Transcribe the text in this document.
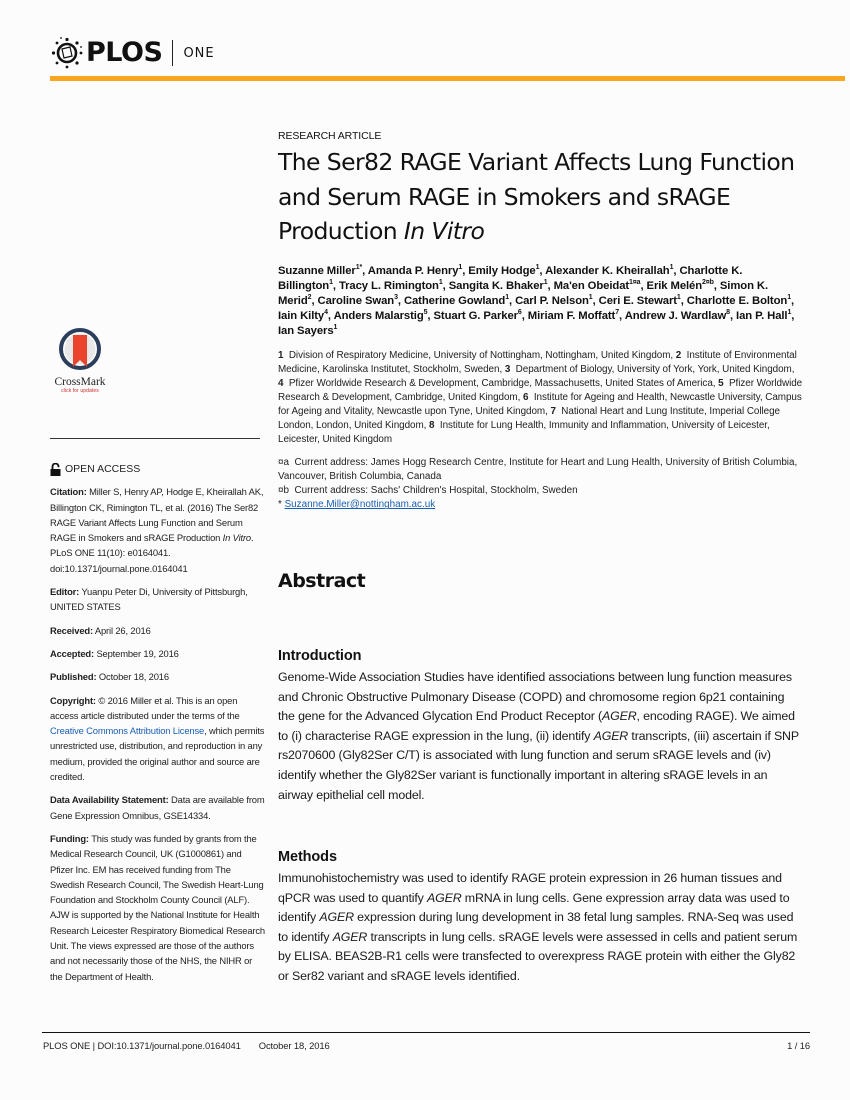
PLOS ONE
CrossMark
click for updates
OPEN ACCESS

Citation: Miller S, Henry AP, Hodge E, Kheirallah AK, Billington CK, Rimington TL, et al. (2016) The Ser82 RAGE Variant Affects Lung Function and Serum RAGE in Smokers and sRAGE Production In Vitro. PLoS ONE 11(10): e0164041. doi:10.1371/journal.pone.0164041

Editor: Yuanpu Peter Di, University of Pittsburgh, UNITED STATES

Received: April 26, 2016

Accepted: September 19, 2016

Published: October 18, 2016

Copyright: © 2016 Miller et al. This is an open access article distributed under the terms of the Creative Commons Attribution License, which permits unrestricted use, distribution, and reproduction in any medium, provided the original author and source are credited.

Data Availability Statement: Data are available from Gene Expression Omnibus, GSE14334.

Funding: This study was funded by grants from the Medical Research Council, UK (G1000861) and Pfizer Inc. EM has received funding from The Swedish Research Council, The Swedish Heart-Lung Foundation and Stockholm County Council (ALF). AJW is supported by the National Institute for Health Research Leicester Respiratory Biomedical Research Unit. The views expressed are those of the authors and not necessarily those of the NHS, the NIHR or the Department of Health.

RESEARCH ARTICLE
The Ser82 RAGE Variant Affects Lung Function and Serum RAGE in Smokers and sRAGE Production In Vitro
Suzanne Miller$^{1*}$, Amanda P. Henry$^1$, Emily Hodge$^1$, Alexander K. Kheirallah$^1$, Charlotte K. Billington$^1$, Tracy L. Rimington$^1$, Sangita K. Bhaker$^1$, Ma'en Obeidat$^{1¤a}$, Erik Melén$^{2¤b}$, Simon K. Merid$^2$, Caroline Swan$^3$, Catherine Gowland$^1$, Carl P. Nelson$^1$, Ceri E. Stewart$^1$, Charlotte E. Bolton$^1$, Iain Kilty$^4$, Anders Malarstig$^5$, Stuart G. Parker$^6$, Miriam F. Moffatt$^7$, Andrew J. Wardlaw$^8$, Ian P. Hall$^1$, Ian Sayers$^1$
1  Division of Respiratory Medicine, University of Nottingham, Nottingham, United Kingdom, 2  Institute of Environmental Medicine, Karolinska Institutet, Stockholm, Sweden, 3  Department of Biology, University of York, York, United Kingdom, 4  Pfizer Worldwide Research & Development, Cambridge, Massachusetts, United States of America, 5  Pfizer Worldwide Research & Development, Cambridge, United Kingdom, 6  Institute for Ageing and Health, Newcastle University, Campus for Ageing and Vitality, Newcastle upon Tyne, United Kingdom, 7  National Heart and Lung Institute, Imperial College London, London, United Kingdom, 8  Institute for Lung Health, Immunity and Inflammation, University of Leicester, Leicester, United Kingdom
¤a Current address: James Hogg Research Centre, Institute for Heart and Lung Health, University of British Columbia, Vancouver, British Columbia, Canada
¤b Current address: Sachs' Children's Hospital, Stockholm, Sweden
* Suzanne.Miller@nottingham.ac.uk
Abstract
Introduction

Genome-Wide Association Studies have identified associations between lung function measures and Chronic Obstructive Pulmonary Disease (COPD) and chromosome region 6p21 containing the gene for the Advanced Glycation End Product Receptor (AGER, encoding RAGE). We aimed to (i) characterise RAGE expression in the lung, (ii) identify AGER transcripts, (iii) ascertain if SNP rs2070600 (Gly82Ser C/T) is associated with lung function and serum sRAGE levels and (iv) identify whether the Gly82Ser variant is functionally important in altering sRAGE levels in an airway epithelial cell model.

Methods

Immunohistochemistry was used to identify RAGE protein expression in 26 human tissues and qPCR was used to quantify AGER mRNA in lung cells. Gene expression array data was used to identify AGER expression during lung development in 38 fetal lung samples. RNA-Seq was used to identify AGER transcripts in lung cells. sRAGE levels were assessed in cells and patient serum by ELISA. BEAS2B-R1 cells were transfected to overexpress RAGE protein with either the Gly82 or Ser82 variant and sRAGE levels identified.

PLOS ONE | DOI:10.1371/journal.pone.0164041 October 18, 2016	1 / 16
